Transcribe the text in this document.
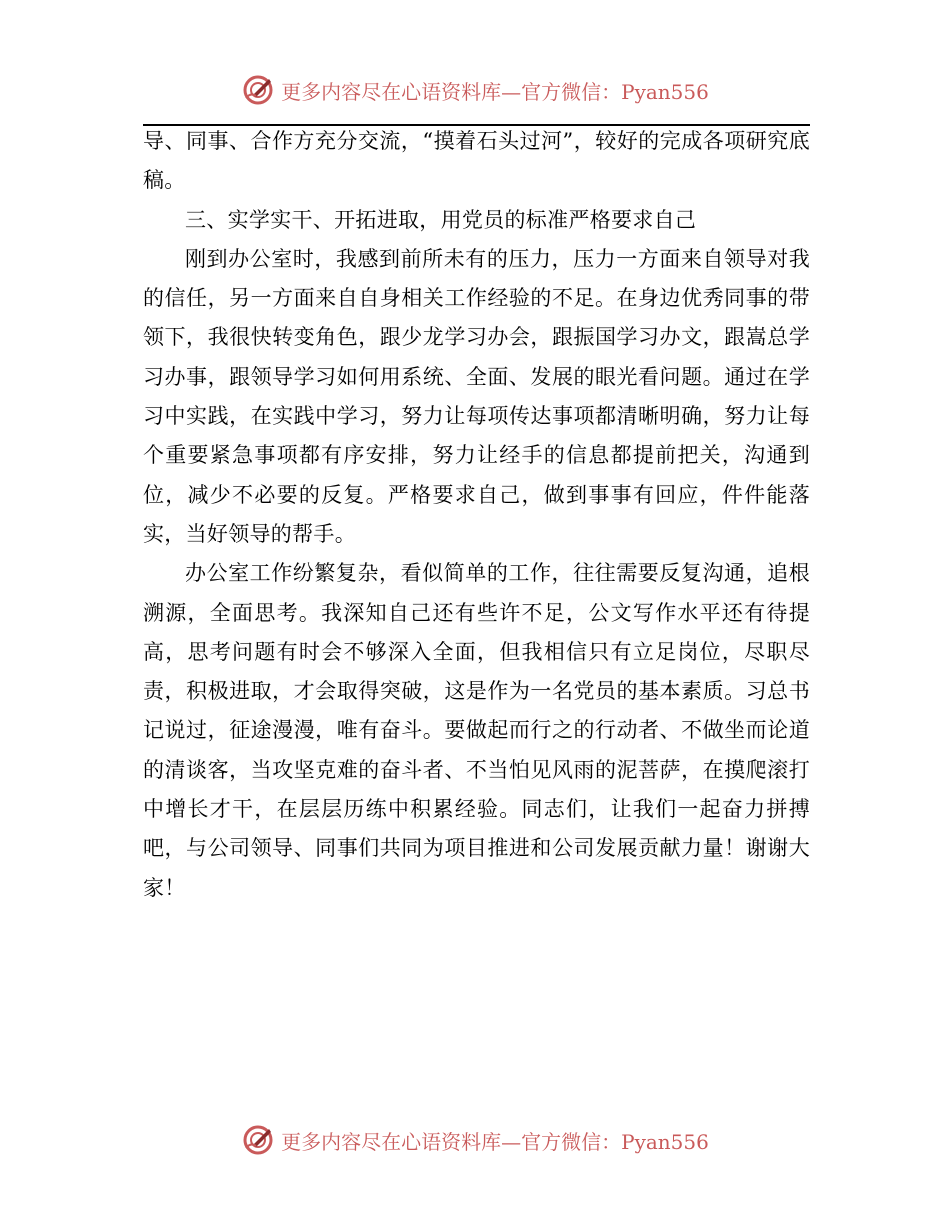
更多内容尽在心语资料库—官方微信：Pyan556

导、同事、合作方充分交流，“摸着石头过河”，较好的完成各项研究底稿。

三、实学实干、开拓进取，用党员的标准严格要求自己

刚到办公室时，我感到前所未有的压力，压力一方面来自领导对我的信任，另一方面来自自身相关工作经验的不足。在身边优秀同事的带领下，我很快转变角色，跟少龙学习办会，跟振国学习办文，跟嵩总学习办事，跟领导学习如何用系统、全面、发展的眼光看问题。通过在学习中实践，在实践中学习，努力让每项传达事项都清晰明确，努力让每个重要紧急事项都有序安排，努力让经手的信息都提前把关，沟通到位，减少不必要的反复。严格要求自己，做到事事有回应，件件能落实，当好领导的帮手。

办公室工作纷繁复杂，看似简单的工作，往往需要反复沟通，追根溯源，全面思考。我深知自己还有些许不足，公文写作水平还有待提高，思考问题有时会不够深入全面，但我相信只有立足岗位，尽职尽责，积极进取，才会取得突破，这是作为一名党员的基本素质。习总书记说过，征途漫漫，唯有奋斗。要做起而行之的行动者、不做坐而论道的清谈客，当攻坚克难的奋斗者、不当怕见风雨的泥菩萨，在摸爬滚打中增长才干，在层层历练中积累经验。同志们，让我们一起奋力拼搏吧，与公司领导、同事们共同为项目推进和公司发展贡献力量！谢谢大家！

更多内容尽在心语资料库—官方微信：Pyan556
